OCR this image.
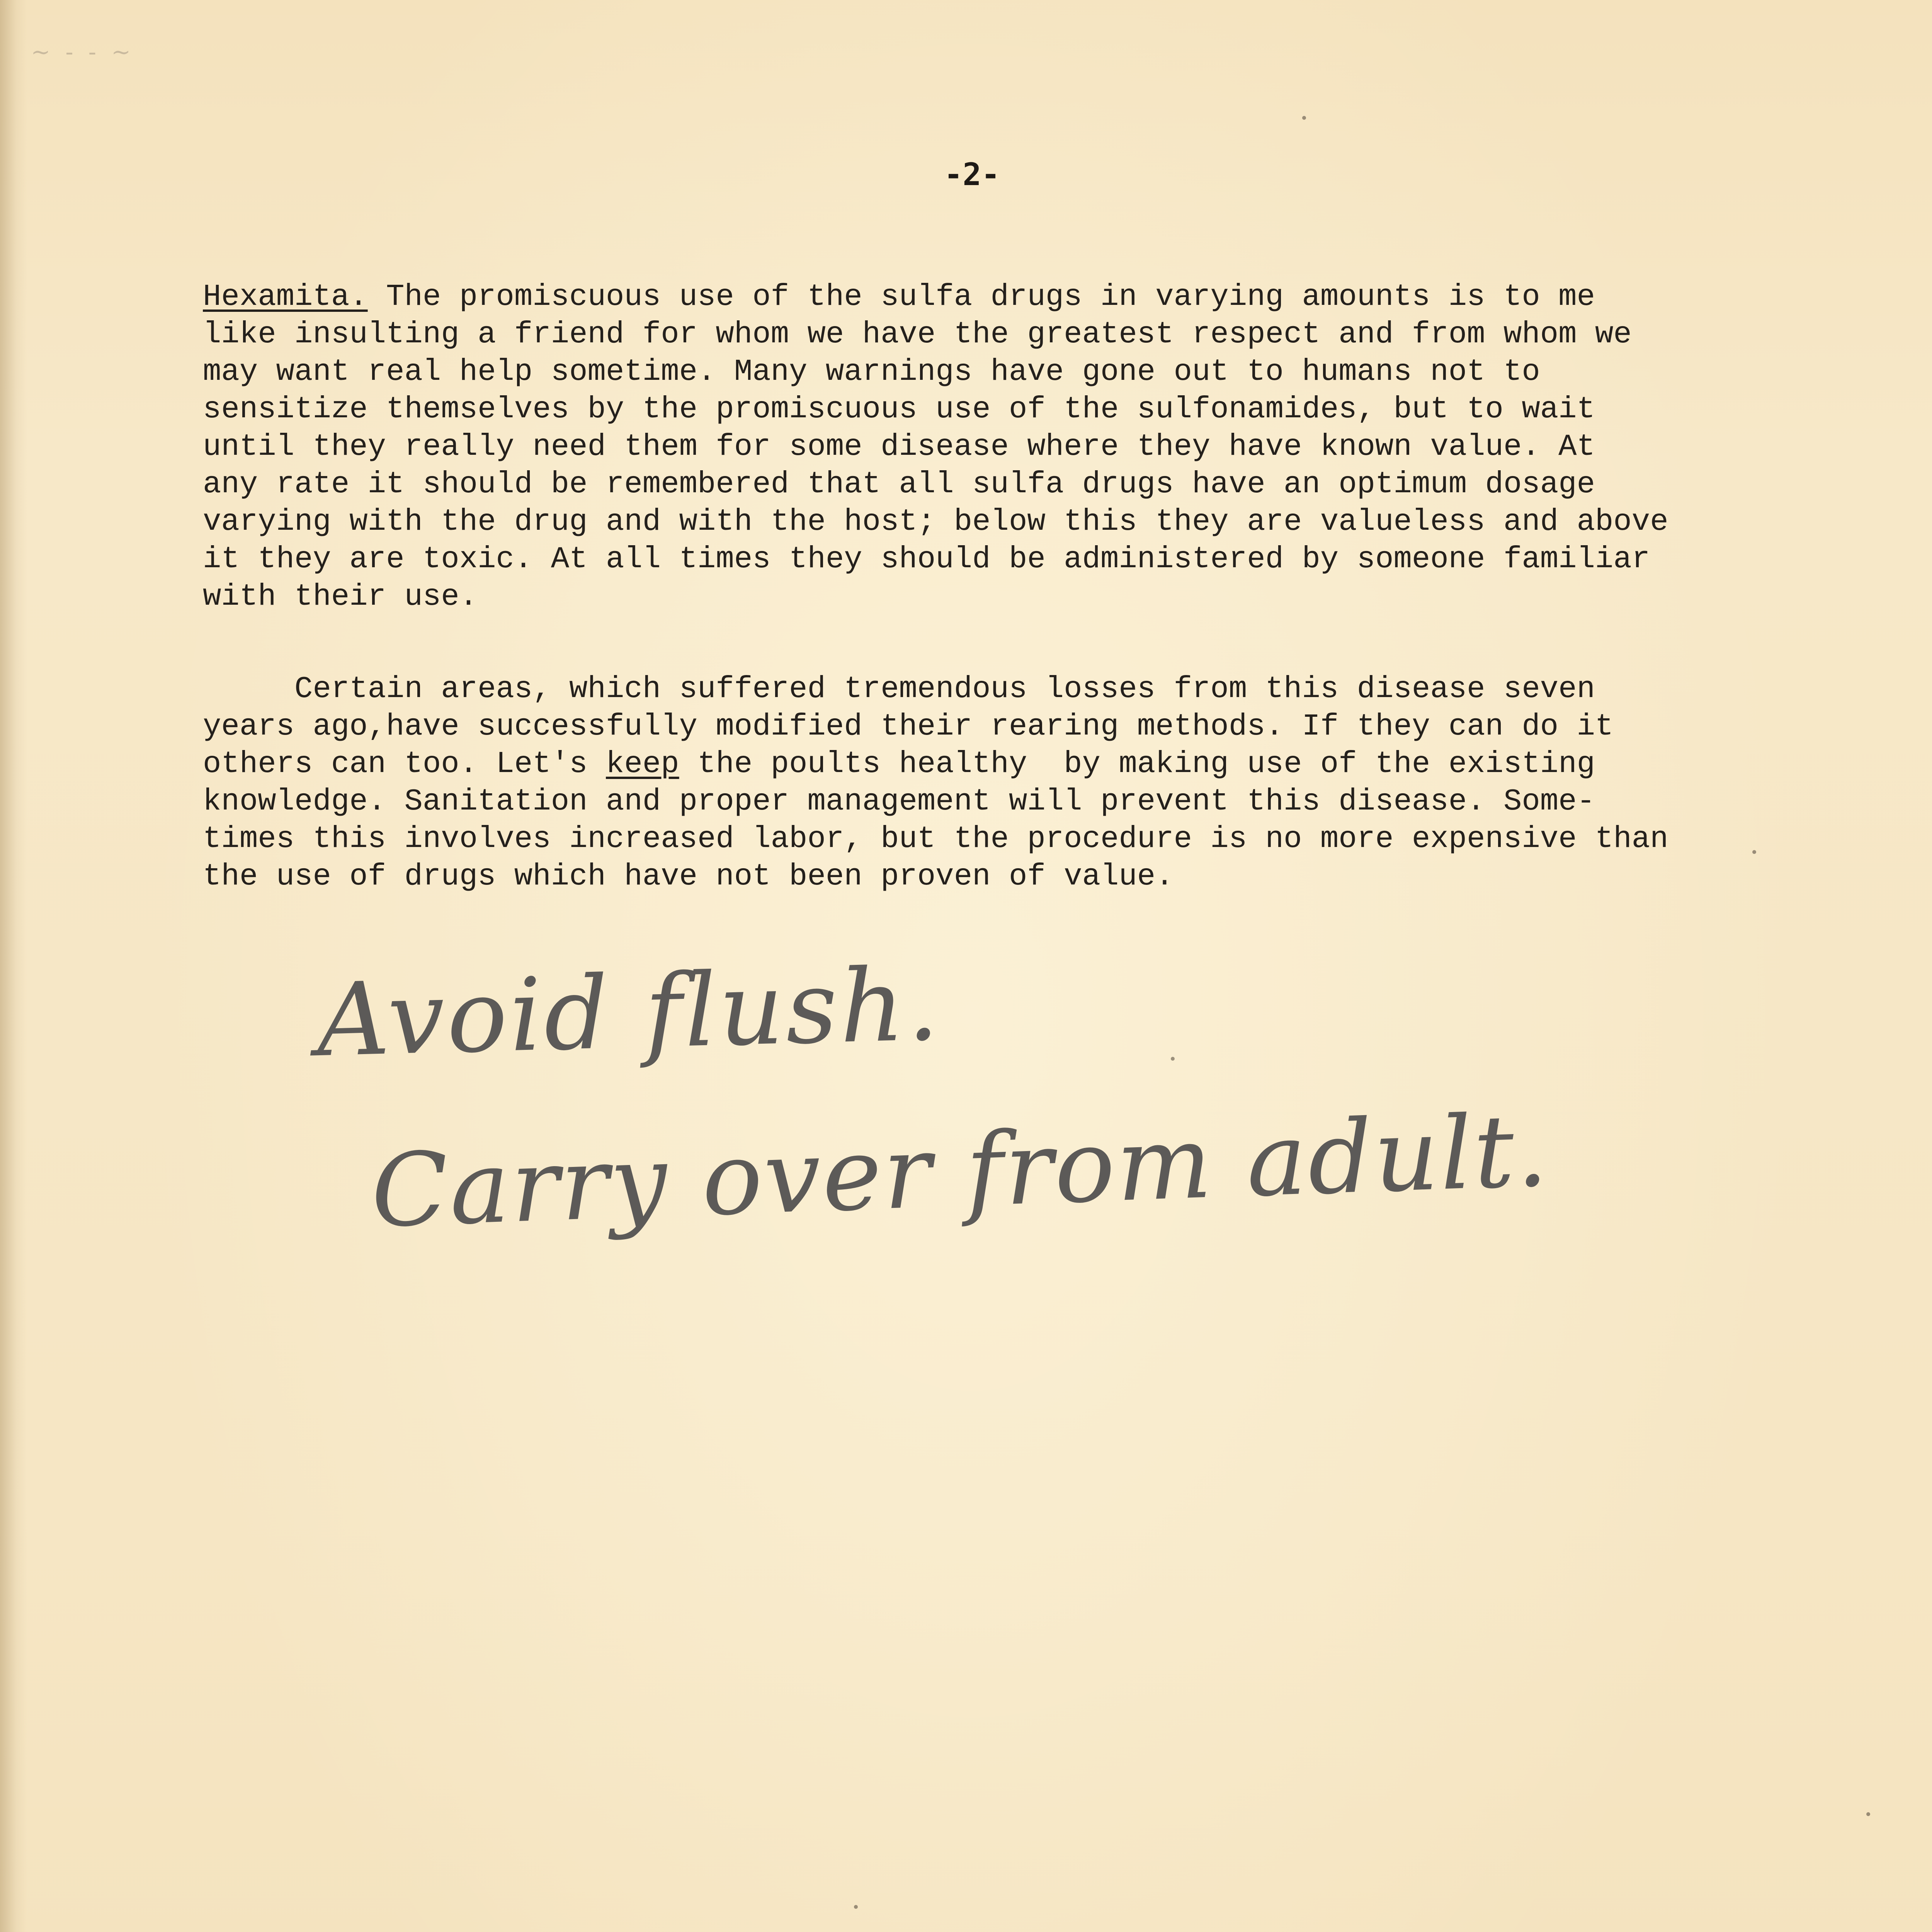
~ - - ~
-2-
Hexamita. The promiscuous use of the sulfa drugs in varying amounts is to me
like insulting a friend for whom we have the greatest respect and from whom we
may want real help sometime. Many warnings have gone out to humans not to
sensitize themselves by the promiscuous use of the sulfonamides, but to wait
until they really need them for some disease where they have known value. At
any rate it should be remembered that all sulfa drugs have an optimum dosage
varying with the drug and with the host; below this they are valueless and above
it they are toxic. At all times they should be administered by someone familiar
with their use.
Certain areas, which suffered tremendous losses from this disease seven
years ago,have successfully modified their rearing methods. If they can do it
others can too. Let's keep the poults healthy  by making use of the existing
knowledge. Sanitation and proper management will prevent this disease. Some-
times this involves increased labor, but the procedure is no more expensive than
the use of drugs which have not been proven of value.
Avoid flush.
Carry over from adult.
